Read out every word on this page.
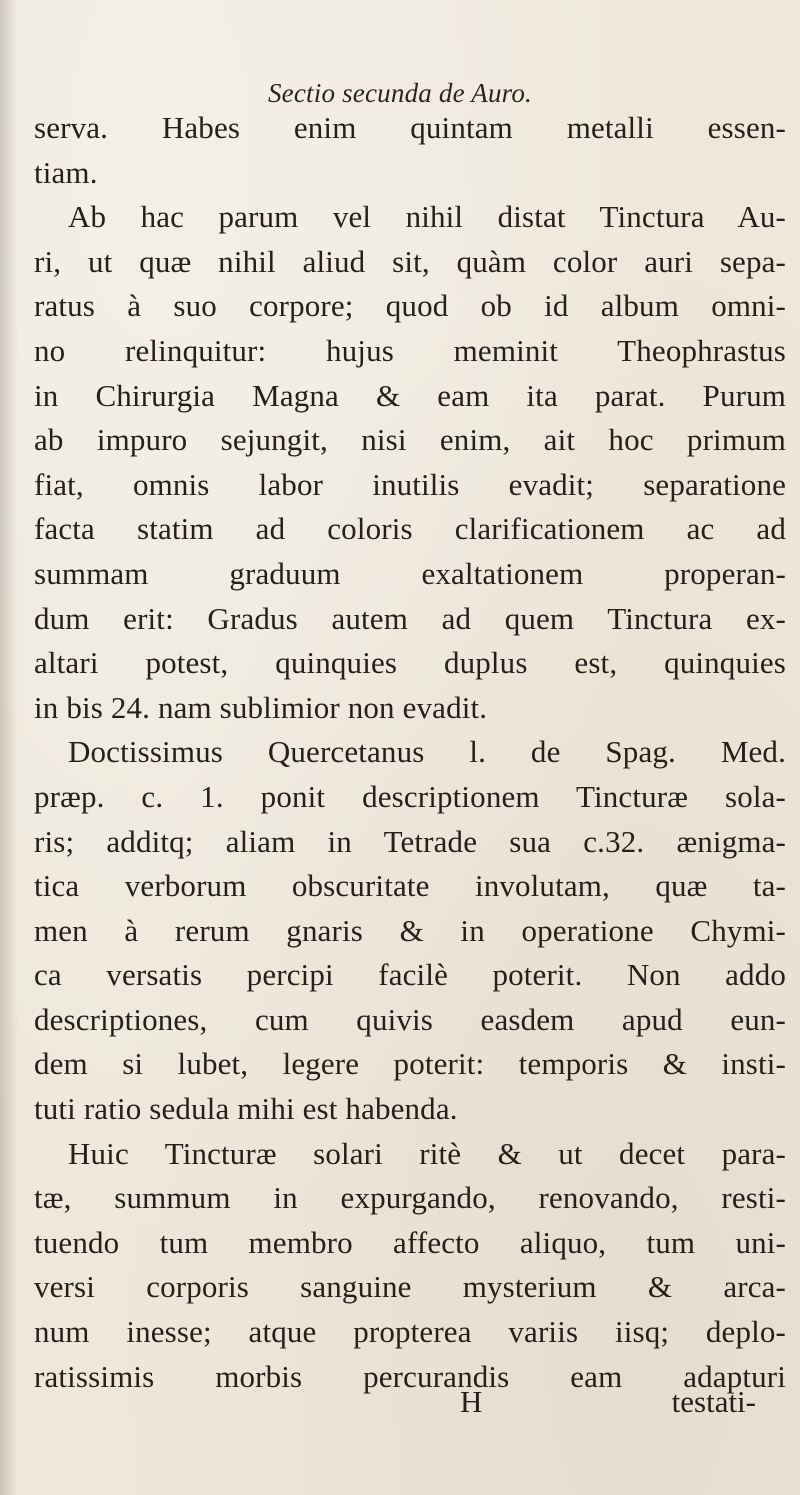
Sectio secunda de Auro.
serva. Habes enim quintam metalli essen-
tiam.
Ab hac parum vel nihil distat Tinctura Au-
ri, ut quæ nihil aliud sit, quàm color auri sepa-
ratus à suo corpore; quod ob id album omni-
no relinquitur: hujus meminit Theophrastus
in Chirurgia Magna & eam ita parat. Purum
ab impuro sejungit, nisi enim, ait hoc primum
fiat, omnis labor inutilis evadit; separatione
facta statim ad coloris clarificationem ac ad
summam graduum exaltationem properan-
dum erit: Gradus autem ad quem Tinctura ex-
altari potest, quinquies duplus est, quinquies
in bis 24. nam sublimior non evadit.
Doctissimus Quercetanus l. de Spag. Med.
præp. c. 1. ponit descriptionem Tincturæ sola-
ris; additq; aliam in Tetrade sua c.32. ænigma-
tica verborum obscuritate involutam, quæ ta-
men à rerum gnaris & in operatione Chymi-
ca versatis percipi facilè poterit. Non addo
descriptiones, cum quivis easdem apud eun-
dem si lubet, legere poterit: temporis & insti-
tuti ratio sedula mihi est habenda.
Huic Tincturæ solari ritè & ut decet para-
tæ, summum in expurgando, renovando, resti-
tuendo tum membro affecto aliquo, tum uni-
versi corporis sanguine mysterium & arca-
num inesse; atque propterea variis iisq; deplo-
ratissimis morbis percurandis eam adapturi
H	testati-
